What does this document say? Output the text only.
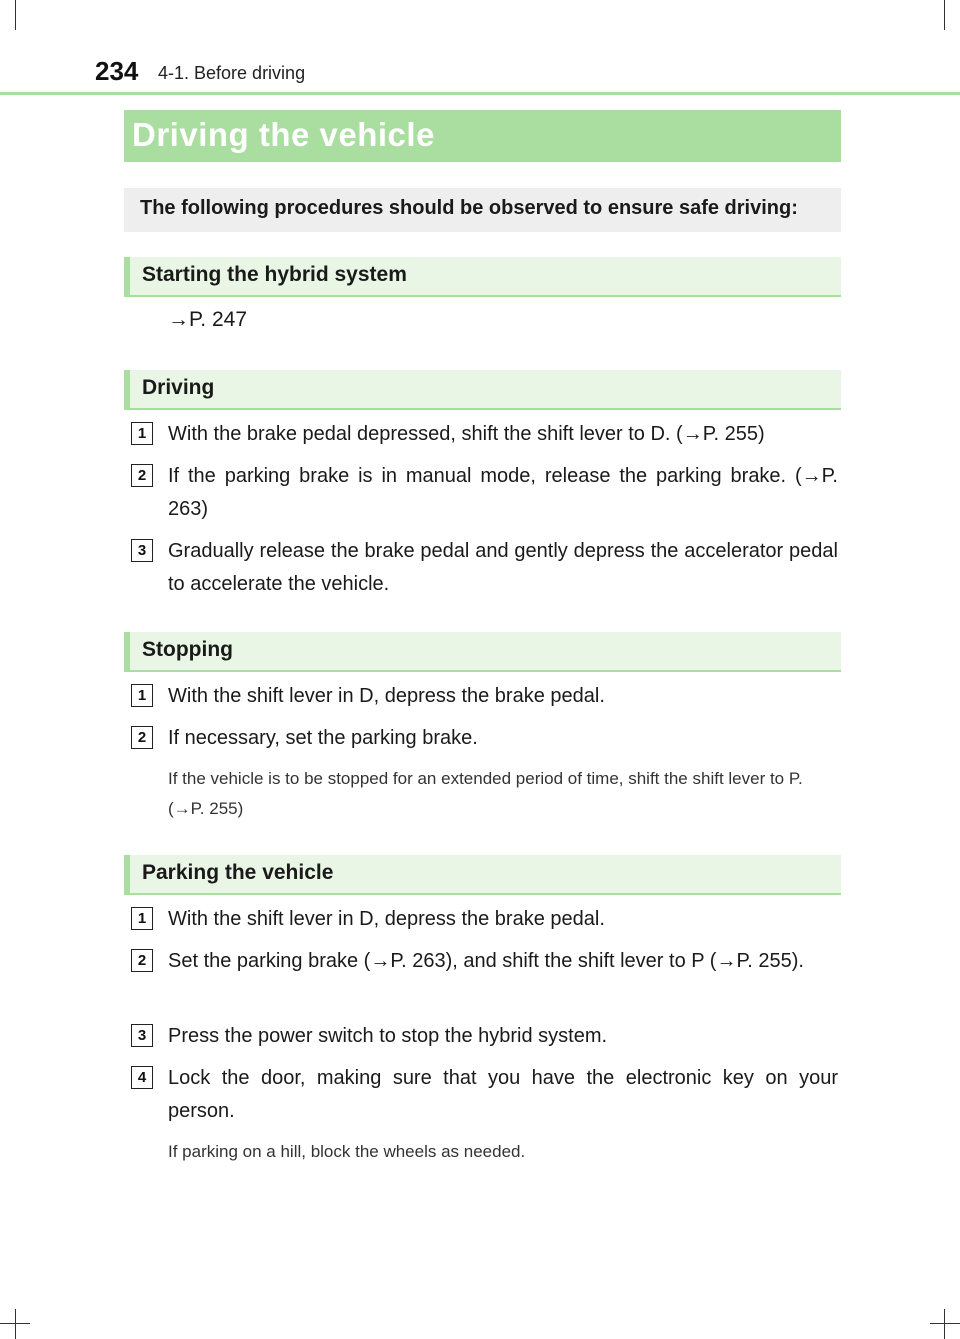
234 4-1. Before driving
Driving the vehicle
The following procedures should be observed to ensure safe driving:
Starting the hybrid system
→P. 247
Driving
1	With the brake pedal depressed, shift the shift lever to D. (→P. 255)
2	If the parking brake is in manual mode, release the parking brake. (→P. 263)
3	Gradually release the brake pedal and gently depress the accelerator pedal to accelerate the vehicle.
Stopping
1	With the shift lever in D, depress the brake pedal.
2	If necessary, set the parking brake.
If the vehicle is to be stopped for an extended period of time, shift the shift lever to P. (→P. 255)
Parking the vehicle
1	With the shift lever in D, depress the brake pedal.
2	Set the parking brake (→P. 263), and shift the shift lever to P (→P. 255).
3	Press the power switch to stop the hybrid system.
4	Lock the door, making sure that you have the electronic key on your person.
If parking on a hill, block the wheels as needed.
